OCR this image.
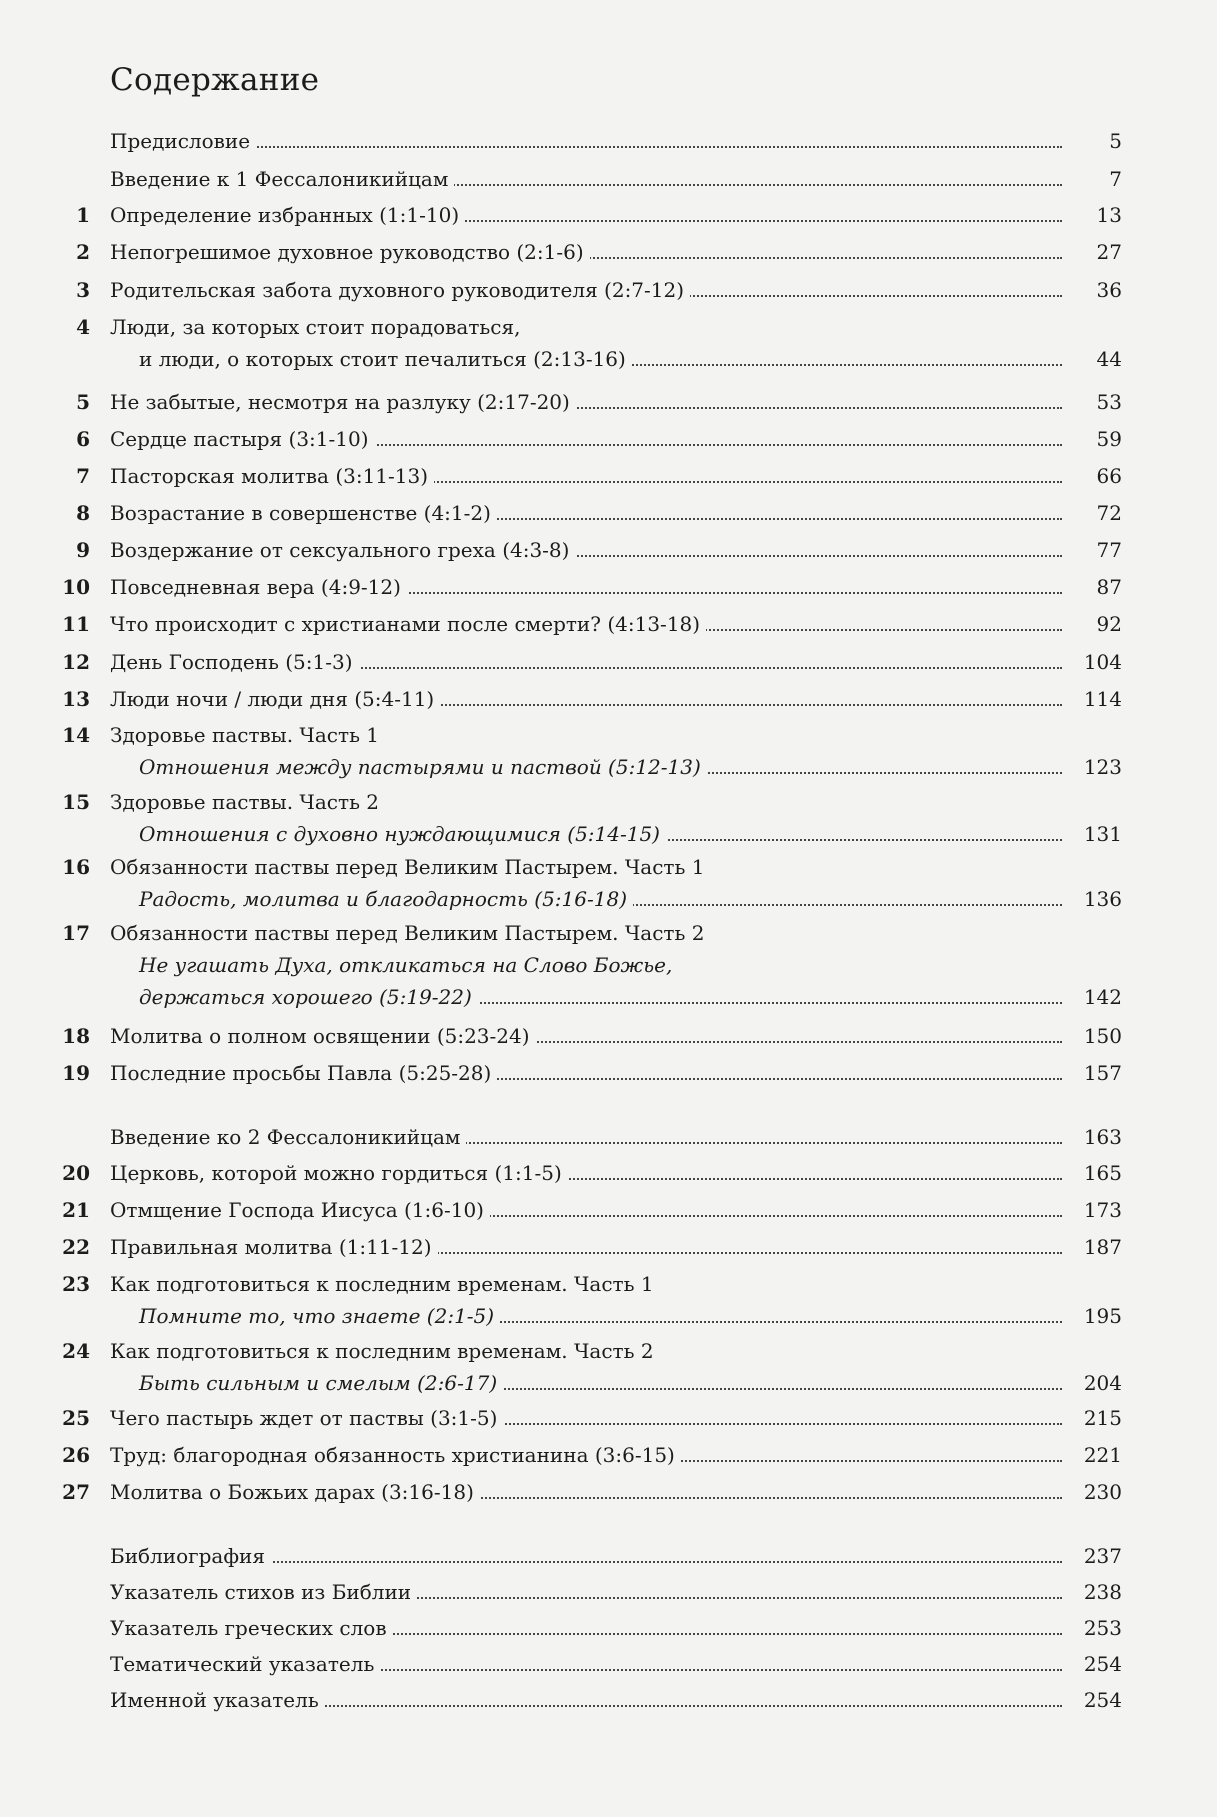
Содержание
Предисловие	5
Введение к 1 Фессалоникийцам	7
1 Определение избранных (1:1-10)	13
2 Непогрешимое духовное руководство (2:1-6)	27
3 Родительская забота духовного руководителя (2:7-12)	36
4 Люди, за которых стоит порадоваться,
и люди, о которых стоит печалиться (2:13-16)	44
5 Не забытые, несмотря на разлуку (2:17-20)	53
6 Сердце пастыря (3:1-10)	59
7 Пасторская молитва (3:11-13)	66
8 Возрастание в совершенстве (4:1-2)	72
9 Воздержание от сексуального греха (4:3-8)	77
10 Повседневная вера (4:9-12)	87
11 Что происходит с христианами после смерти? (4:13-18)	92
12 День Господень (5:1-3)	104
13 Люди ночи / люди дня (5:4-11)	114
14 Здоровье паствы. Часть 1
Отношения между пастырями и паствой (5:12-13)	123
15 Здоровье паствы. Часть 2
Отношения с духовно нуждающимися (5:14-15)	131
16 Обязанности паствы перед Великим Пастырем. Часть 1
Радость, молитва и благодарность (5:16-18)	136
17 Обязанности паствы перед Великим Пастырем. Часть 2
Не угашать Духа, откликаться на Слово Божье,
держаться хорошего (5:19-22)	142
18 Молитва о полном освящении (5:23-24)	150
19 Последние просьбы Павла (5:25-28)	157
Введение ко 2 Фессалоникийцам	163
20 Церковь, которой можно гордиться (1:1-5)	165
21 Отмщение Господа Иисуса (1:6-10)	173
22 Правильная молитва (1:11-12)	187
23 Как подготовиться к последним временам. Часть 1
Помните то, что знаете (2:1-5)	195
24 Как подготовиться к последним временам. Часть 2
Быть сильным и смелым (2:6-17)	204
25 Чего пастырь ждет от паствы (3:1-5)	215
26 Труд: благородная обязанность христианина (3:6-15)	221
27 Молитва о Божьих дарах (3:16-18)	230
Библиография	237
Указатель стихов из Библии	238
Указатель греческих слов	253
Тематический указатель	254
Именной указатель	254
